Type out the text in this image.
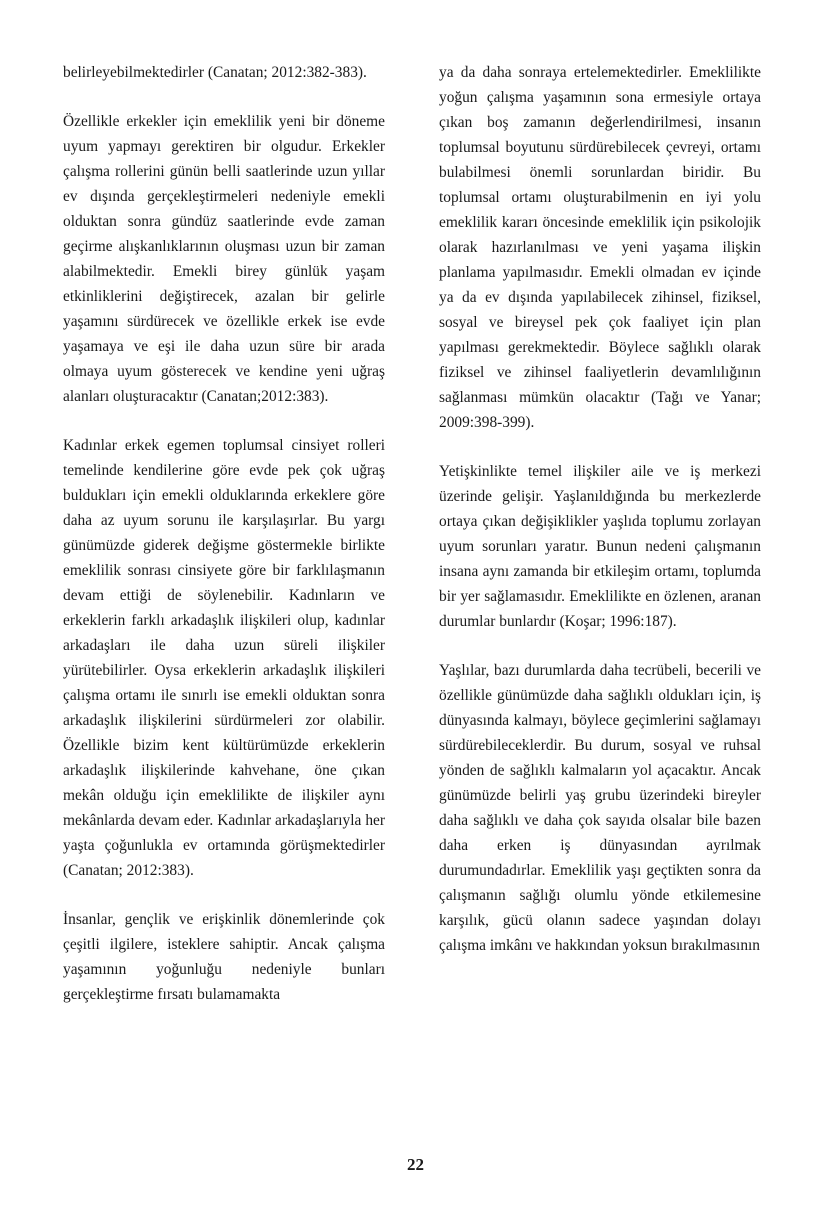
belirleyebilmektedirler (Canatan; 2012:382-383).

Özellikle erkekler için emeklilik yeni bir döneme uyum yapmayı gerektiren bir olgudur. Erkekler çalışma rollerini günün belli saatlerinde uzun yıllar ev dışında gerçekleştirmeleri nedeniyle emekli olduktan sonra gündüz saatlerinde evde zaman geçirme alışkanlıklarının oluşması uzun bir zaman alabilmektedir. Emekli birey günlük yaşam etkinliklerini değiştirecek, azalan bir gelirle yaşamını sürdürecek ve özellikle erkek ise evde yaşamaya ve eşi ile daha uzun süre bir arada olmaya uyum gösterecek ve kendine yeni uğraş alanları oluşturacaktır (Canatan;2012:383).

Kadınlar erkek egemen toplumsal cinsiyet rolleri temelinde kendilerine göre evde pek çok uğraş buldukları için emekli olduklarında erkeklere göre daha az uyum sorunu ile karşılaşırlar. Bu yargı günümüzde giderek değişme göstermekle birlikte emeklilik sonrası cinsiyete göre bir farklılaşmanın devam ettiği de söylenebilir. Kadınların ve erkeklerin farklı arkadaşlık ilişkileri olup, kadınlar arkadaşları ile daha uzun süreli ilişkiler yürütebilirler. Oysa erkeklerin arkadaşlık ilişkileri çalışma ortamı ile sınırlı ise emekli olduktan sonra arkadaşlık ilişkilerini sürdürmeleri zor olabilir. Özellikle bizim kent kültürümüzde erkeklerin arkadaşlık ilişkilerinde kahvehane, öne çıkan mekân olduğu için emeklilikte de ilişkiler aynı mekânlarda devam eder. Kadınlar arkadaşlarıyla her yaşta çoğunlukla ev ortamında görüşmektedirler (Canatan; 2012:383).

İnsanlar, gençlik ve erişkinlik dönemlerinde çok çeşitli ilgilere, isteklere sahiptir. Ancak çalışma yaşamının yoğunluğu nedeniyle bunları gerçekleştirme fırsatı bulamamakta

ya da daha sonraya ertelemektedirler. Emeklilikte yoğun çalışma yaşamının sona ermesiyle ortaya çıkan boş zamanın değerlendirilmesi, insanın toplumsal boyutunu sürdürebilecek çevreyi, ortamı bulabilmesi önemli sorunlardan biridir. Bu toplumsal ortamı oluşturabilmenin en iyi yolu emeklilik kararı öncesinde emeklilik için psikolojik olarak hazırlanılması ve yeni yaşama ilişkin planlama yapılmasıdır. Emekli olmadan ev içinde ya da ev dışında yapılabilecek zihinsel, fiziksel, sosyal ve bireysel pek çok faaliyet için plan yapılması gerekmektedir. Böylece sağlıklı olarak fiziksel ve zihinsel faaliyetlerin devamlılığının sağlanması mümkün olacaktır (Tağı ve Yanar; 2009:398-399).

Yetişkinlikte temel ilişkiler aile ve iş merkezi üzerinde gelişir. Yaşlanıldığında bu merkezlerde ortaya çıkan değişiklikler yaşlıda toplumu zorlayan uyum sorunları yaratır. Bunun nedeni çalışmanın insana aynı zamanda bir etkileşim ortamı, toplumda bir yer sağlamasıdır. Emeklilikte en özlenen, aranan durumlar bunlardır (Koşar; 1996:187).

Yaşlılar, bazı durumlarda daha tecrübeli, becerili ve özellikle günümüzde daha sağlıklı oldukları için, iş dünyasında kalmayı, böylece geçimlerini sağlamayı sürdürebileceklerdir. Bu durum, sosyal ve ruhsal yönden de sağlıklı kalmaların yol açacaktır. Ancak günümüzde belirli yaş grubu üzerindeki bireyler daha sağlıklı ve daha çok sayıda olsalar bile bazen daha erken iş dünyasından ayrılmak durumundadırlar. Emeklilik yaşı geçtikten sonra da çalışmanın sağlığı olumlu yönde etkilemesine karşılık, gücü olanın sadece yaşından dolayı çalışma imkânı ve hakkından yoksun bırakılmasının

22
